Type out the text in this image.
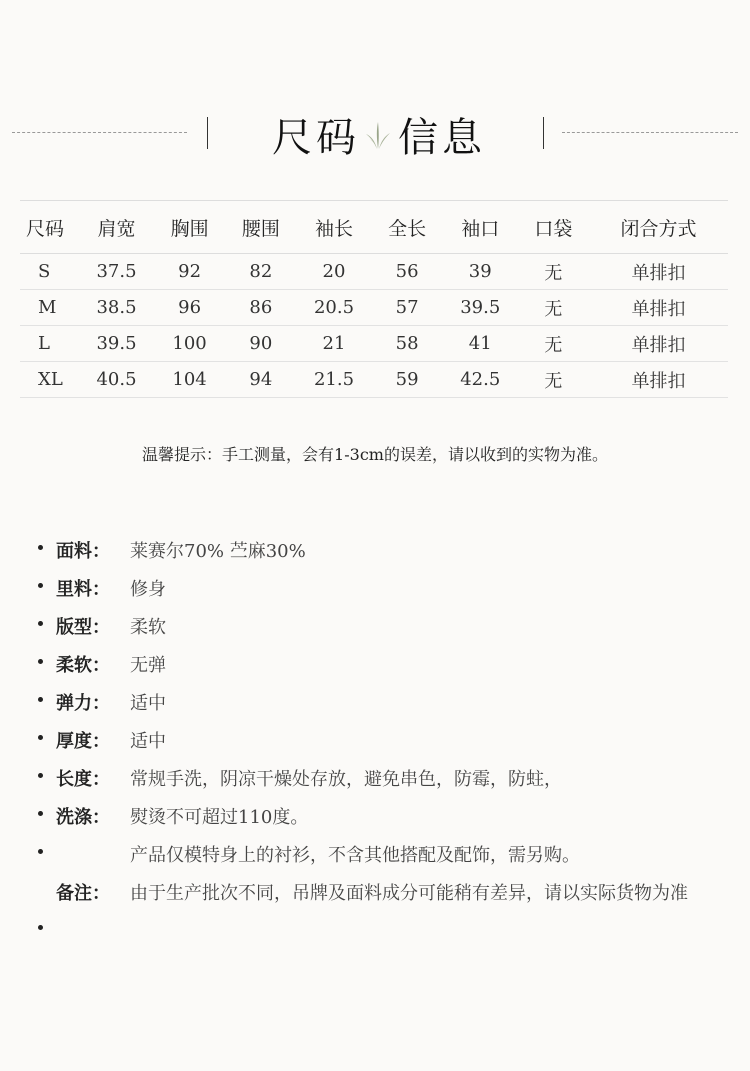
尺码 信息
尺码	肩宽	胸围	腰围	袖长	全长	袖口	口袋	闭合方式
S	37.5	92	82	20	56	39	无	单排扣
M	38.5	96	86	20.5	57	39.5	无	单排扣
L	39.5	100	90	21	58	41	无	单排扣
XL	40.5	104	94	21.5	59	42.5	无	单排扣
温馨提示：手工测量，会有1-3cm的误差，请以收到的实物为准。
面料： 莱赛尔70% 苎麻30%
里料： 修身
版型： 柔软
柔软： 无弹
弹力： 适中
厚度： 适中
长度： 常规手洗，阴凉干燥处存放，避免串色，防霉，防蛀，
洗涤： 熨烫不可超过110度。
产品仅模特身上的衬衫，不含其他搭配及配饰，需另购。
备注： 由于生产批次不同，吊牌及面料成分可能稍有差异，请以实际货物为准
